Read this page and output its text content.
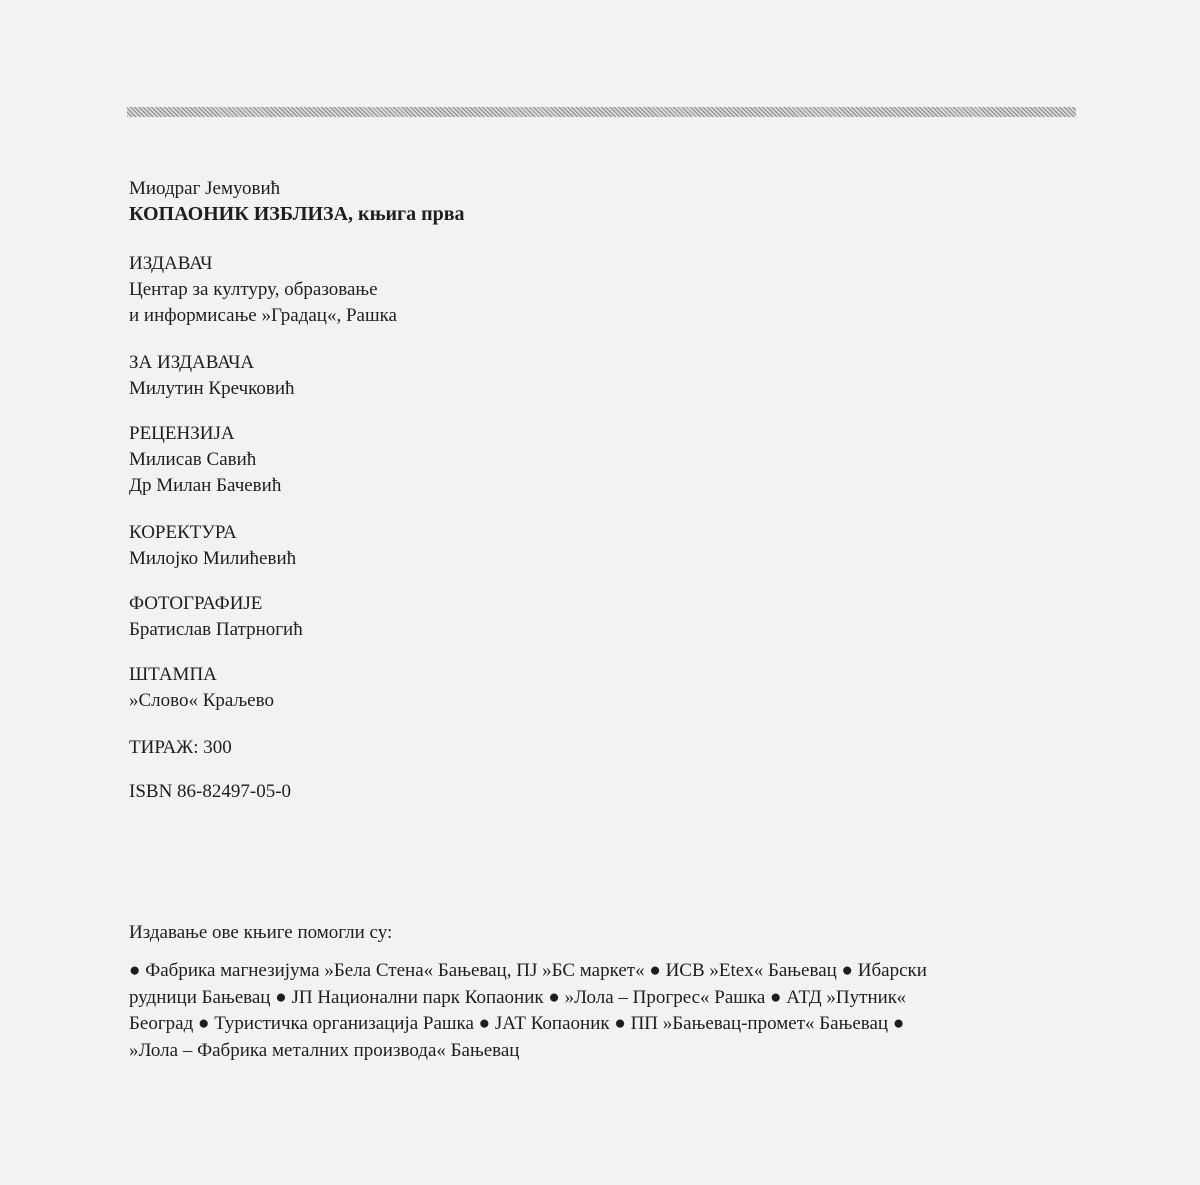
Миодраг Јемуовић
КОПАОНИК ИЗБЛИЗА, књига прва
ИЗДАВАЧ
Центар за културу, образовање
и информисање »Градац«, Рашка
ЗА ИЗДАВАЧА
Милутин Кречковић
РЕЦЕНЗИЈА
Милисав Савић
Др Милан Бачевић
КОРЕКТУРА
Милојко Милићевић
ФОТОГРАФИЈЕ
Братислав Патрногић
ШТАМПА
»Слово« Краљево
ТИРАЖ: 300
ISBN 86-82497-05-0
Издавање ове књиге помогли су:
● Фабрика магнезијума »Бела Стена« Бањевац, ПЈ »БС маркет« ● ИСВ »Etex« Бањевац ● Ибарски
рудници Бањевац ● ЈП Национални парк Копаоник ● »Лола – Прогрес« Рашка ● АТД »Путник«
Београд ● Туристичка организација Рашка ● ЈАТ Копаоник ● ПП »Бањевац-промет« Бањевац ●
»Лола – Фабрика металних производа« Бањевац
